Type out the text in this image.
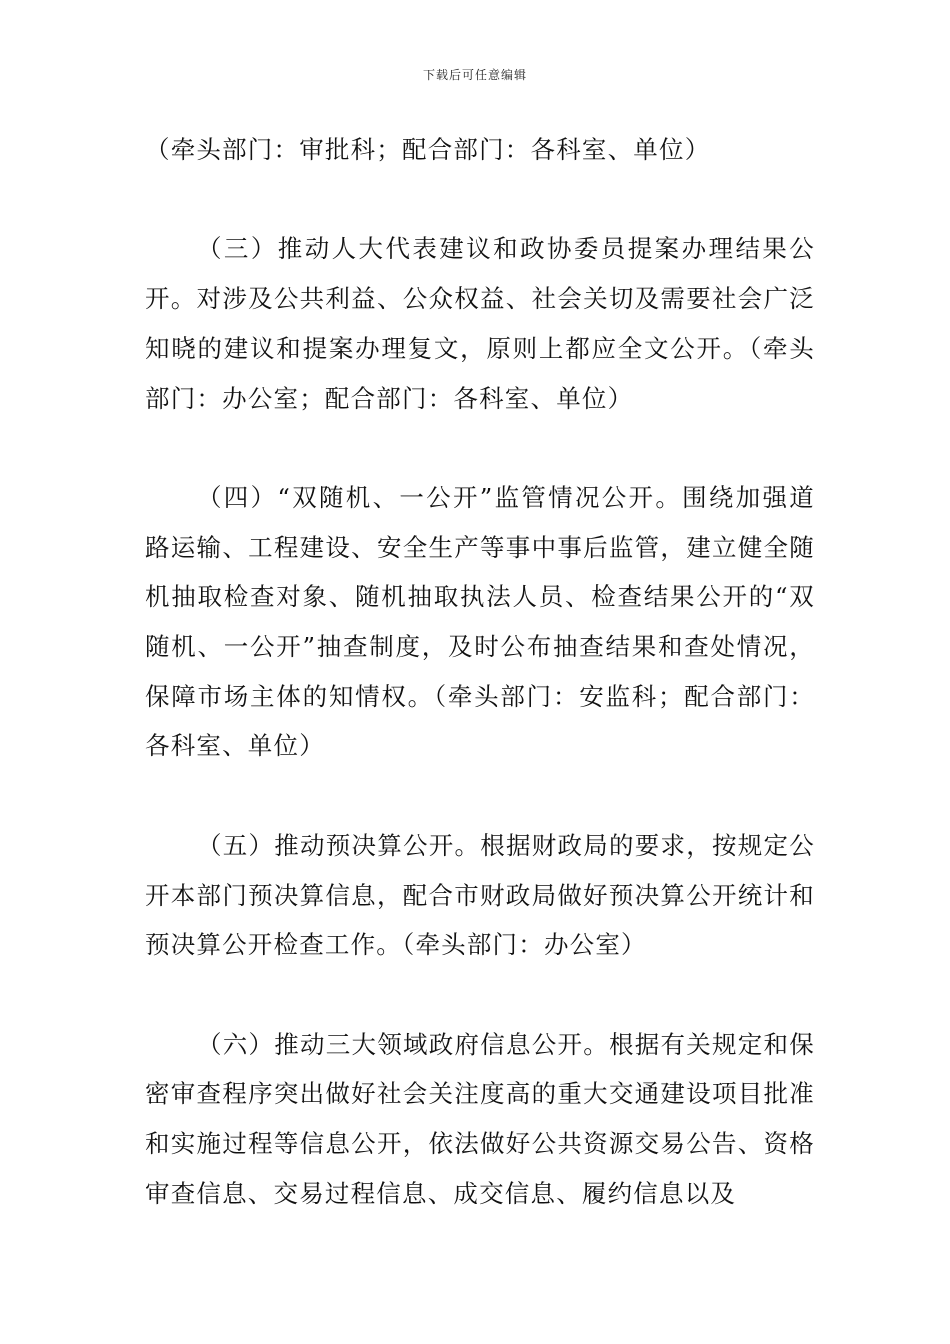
下载后可任意编辑

（牵头部门：审批科；配合部门：各科室、单位）

（三）推动人大代表建议和政协委员提案办理结果公开。对涉及公共利益、公众权益、社会关切及需要社会广泛知晓的建议和提案办理复文，原则上都应全文公开。（牵头部门：办公室；配合部门：各科室、单位）

（四）“双随机、一公开”监管情况公开。围绕加强道路运输、工程建设、安全生产等事中事后监管，建立健全随机抽取检查对象、随机抽取执法人员、检查结果公开的“双随机、一公开”抽查制度，及时公布抽查结果和查处情况，保障市场主体的知情权。（牵头部门：安监科；配合部门：各科室、单位）

（五）推动预决算公开。根据财政局的要求，按规定公开本部门预决算信息，配合市财政局做好预决算公开统计和预决算公开检查工作。（牵头部门：办公室）

（六）推动三大领域政府信息公开。根据有关规定和保密审查程序突出做好社会关注度高的重大交通建设项目批准和实施过程等信息公开，依法做好公共资源交易公告、资格审查信息、交易过程信息、成交信息、履约信息以及
